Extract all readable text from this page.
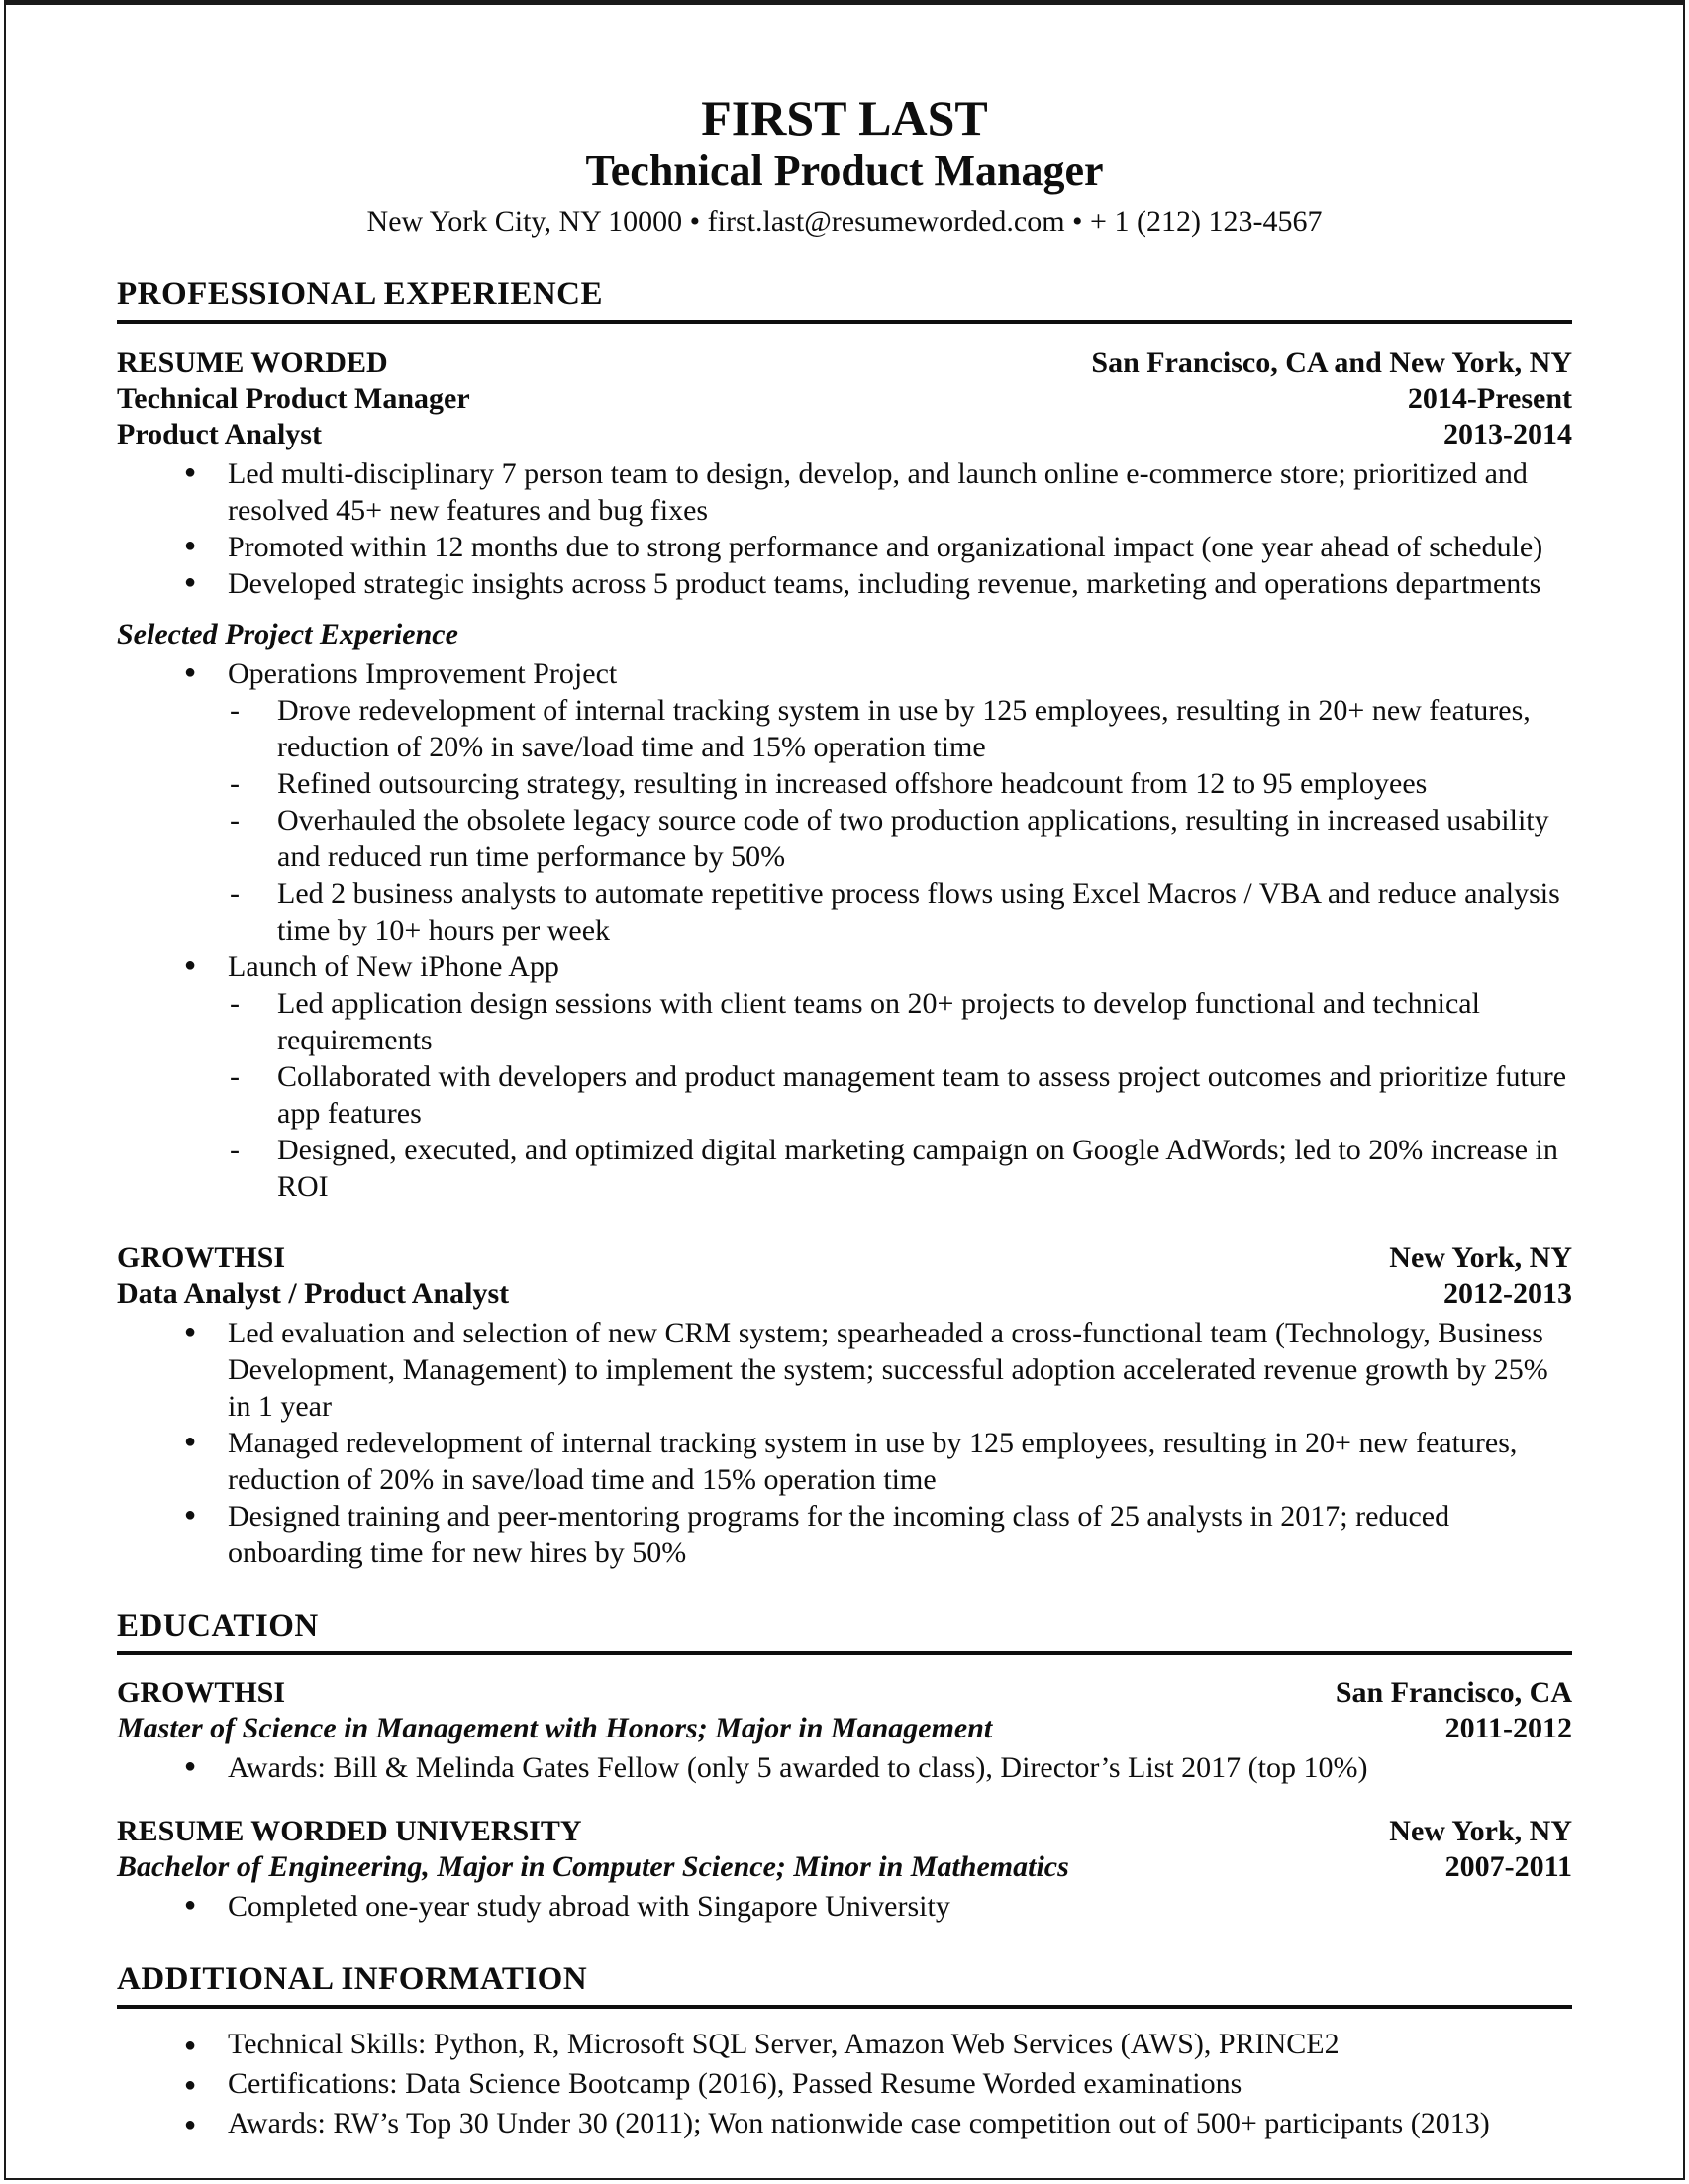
FIRST LAST
Technical Product Manager
New York City, NY 10000 • first.last@resumeworded.com • + 1 (212) 123-4567
PROFESSIONAL EXPERIENCE
RESUME WORDED	San Francisco, CA and New York, NY
Technical Product Manager	2014-Present
Product Analyst	2013-2014
● Led multi-disciplinary 7 person team to design, develop, and launch online e-commerce store; prioritized and resolved 45+ new features and bug fixes
● Promoted within 12 months due to strong performance and organizational impact (one year ahead of schedule)
● Developed strategic insights across 5 product teams, including revenue, marketing and operations departments

Selected Project Experience

● Operations Improvement Project
- Drove redevelopment of internal tracking system in use by 125 employees, resulting in 20+ new features, reduction of 20% in save/load time and 15% operation time
- Refined outsourcing strategy, resulting in increased offshore headcount from 12 to 95 employees
- Overhauled the obsolete legacy source code of two production applications, resulting in increased usability and reduced run time performance by 50%
- Led 2 business analysts to automate repetitive process flows using Excel Macros / VBA and reduce analysis time by 10+ hours per week
● Launch of New iPhone App
- Led application design sessions with client teams on 20+ projects to develop functional and technical requirements
- Collaborated with developers and product management team to assess project outcomes and prioritize future app features
- Designed, executed, and optimized digital marketing campaign on Google AdWords; led to 20% increase in ROI
GROWTHSI	New York, NY
Data Analyst / Product Analyst	2012-2013
● Led evaluation and selection of new CRM system; spearheaded a cross-functional team (Technology, Business Development, Management) to implement the system; successful adoption accelerated revenue growth by 25% in 1 year
● Managed redevelopment of internal tracking system in use by 125 employees, resulting in 20+ new features, reduction of 20% in save/load time and 15% operation time
● Designed training and peer-mentoring programs for the incoming class of 25 analysts in 2017; reduced onboarding time for new hires by 50%
EDUCATION
GROWTHSI	San Francisco, CA
Master of Science in Management with Honors; Major in Management	2011-2012
● Awards: Bill & Melinda Gates Fellow (only 5 awarded to class), Director’s List 2017 (top 10%)
RESUME WORDED UNIVERSITY	New York, NY
Bachelor of Engineering, Major in Computer Science; Minor in Mathematics	2007-2011
● Completed one-year study abroad with Singapore University
ADDITIONAL INFORMATION
● Technical Skills: Python, R, Microsoft SQL Server, Amazon Web Services (AWS), PRINCE2
● Certifications: Data Science Bootcamp (2016), Passed Resume Worded examinations
● Awards: RW’s Top 30 Under 30 (2011); Won nationwide case competition out of 500+ participants (2013)
